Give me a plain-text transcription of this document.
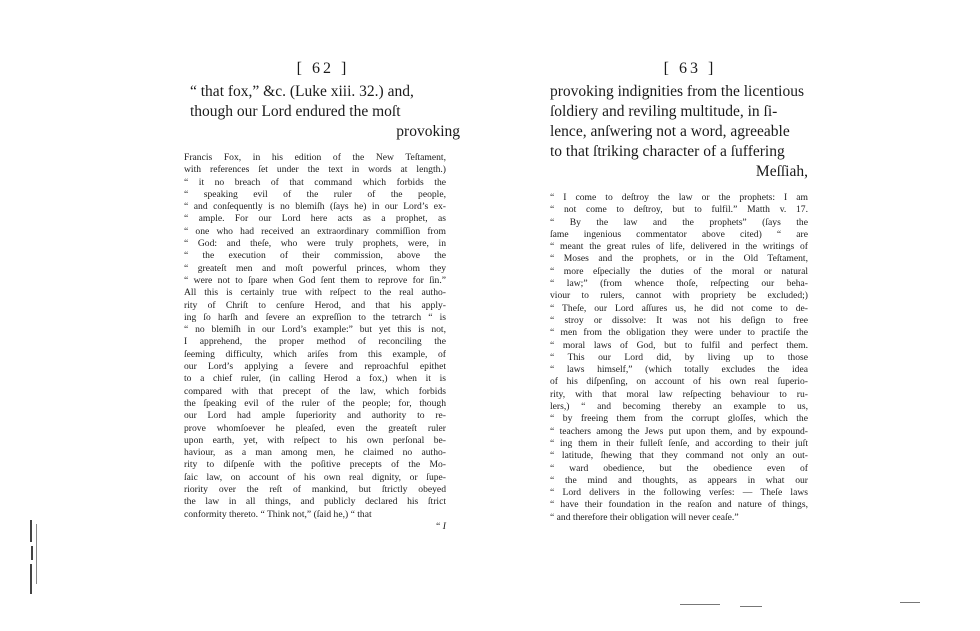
[ 62 ]
“ that fox,” &c. (Luke xiii. 32.) and,
though our Lord endured the moſt
provoking
Francis Fox, in his edition of the New Teſtament,
with references ſet under the text in words at length.)
“ it no breach of that command which forbids the
“ speaking evil of the ruler of the people,
“ and conſequently is no blemiſh (ſays he) in our Lord’s ex-
“ ample. For our Lord here acts as a prophet, as
“ one who had received an extraordinary commiſſion from
“ God: and theſe, who were truly prophets, were, in
“ the execution of their commission, above the
“ greateſt men and moſt powerful princes, whom they
“ were not to ſpare when God ſent them to reprove for ſin.”
All this is certainly true with reſpect to the real autho-
rity of Chriſt to cenſure Herod, and that his apply-
ing ſo harſh and ſevere an expreſſion to the tetrarch “ is
“ no blemiſh in our Lord’s example:” but yet this is not,
I apprehend, the proper method of reconciling the
ſeeming difficulty, which ariſes from this example, of
our Lord’s applying a ſevere and reproachful epithet
to a chief ruler, (in calling Herod a fox,) when it is
compared with that precept of the law, which forbids
the ſpeaking evil of the ruler of the people; for, though
our Lord had ample ſuperiority and authority to re-
prove whomſoever he pleaſed, even the greateſt ruler
upon earth, yet, with reſpect to his own perſonal be-
haviour, as a man among men, he claimed no autho-
rity to diſpenſe with the poſitive precepts of the Mo-
ſaic law, on account of his own real dignity, or ſupe-
riority over the reſt of mankind, but ſtrictly obeyed
the law in all things, and publicly declared his ſtrict
conformity thereto. “ Think not,” (ſaid he,) “ that
“ I
[ 63 ]
provoking indignities from the licentious
ſoldiery and reviling multitude, in ſi-
lence, anſwering not a word, agreeable
to that ſtriking character of a ſuffering
Meſſiah,
“ I come to deſtroy the law or the prophets: I am
“ not come to deſtroy, but to fulfil.” Matth v. 17.
“ By the law and the prophets” (ſays the
ſame ingenious commentator above cited) “ are
“ meant the great rules of life, delivered in the writings of
“ Moses and the prophets, or in the Old Teſtament,
“ more eſpecially the duties of the moral or natural
“ law;” (from whence thoſe, reſpecting our beha-
viour to rulers, cannot with propriety be excluded;)
“ Theſe, our Lord aſſures us, he did not come to de-
“ stroy or dissolve: It was not his deſign to free
“ men from the obligation they were under to practiſe the
“ moral laws of God, but to fulfil and perfect them.
“ This our Lord did, by living up to those
“ laws himself,” (which totally excludes the idea
of his diſpenſing, on account of his own real ſuperio-
rity, with that moral law reſpecting behaviour to ru-
lers,) “ and becoming thereby an example to us,
“ by freeing them from the corrupt gloſſes, which the
“ teachers among the Jews put upon them, and by expound-
“ ing them in their fulleſt ſenſe, and according to their juſt
“ latitude, ſhewing that they command not only an out-
“ ward obedience, but the obedience even of
“ the mind and thoughts, as appears in what our
“ Lord delivers in the following verſes: — Theſe laws
“ have their foundation in the reaſon and nature of things,
“ and therefore their obligation will never ceaſe.”
